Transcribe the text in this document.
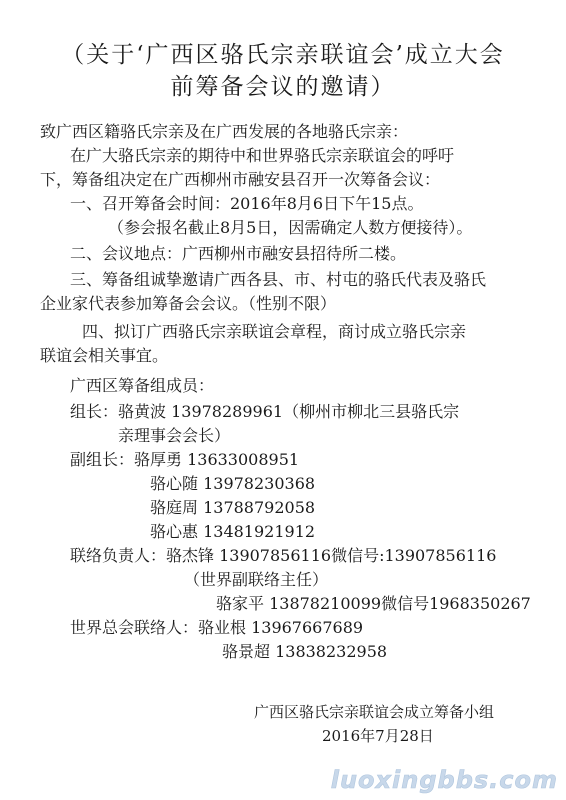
（关于‘广西区骆氏宗亲联谊会’成立大会
前筹备会议的邀请）
致广西区籍骆氏宗亲及在广西发展的各地骆氏宗亲：
在广大骆氏宗亲的期待中和世界骆氏宗亲联谊会的呼吁
下，筹备组决定在广西柳州市融安县召开一次筹备会议：
一、召开筹备会时间：2016年8月6日下午15点。
（参会报名截止8月5日，因需确定人数方便接待）。
二、会议地点：广西柳州市融安县招待所二楼。
三、筹备组诚挚邀请广西各县、市、村屯的骆氏代表及骆氏
企业家代表参加筹备会会议。（性别不限）
四、拟订广西骆氏宗亲联谊会章程，商讨成立骆氏宗亲
联谊会相关事宜。
广西区筹备组成员：
组长：骆黄波 13978289961（柳州市柳北三县骆氏宗
亲理事会会长）
副组长：骆厚勇 13633008951
骆心随 13978230368
骆庭周 13788792058
骆心惠 13481921912
联络负责人：骆杰锋 13907856116微信号:13907856116
（世界副联络主任）
骆家平 13878210099微信号1968350267
世界总会联络人：骆业根 13967667689
骆景超 13838232958
广西区骆氏宗亲联谊会成立筹备小组
2016年7月28日
luoxingbbs.com
